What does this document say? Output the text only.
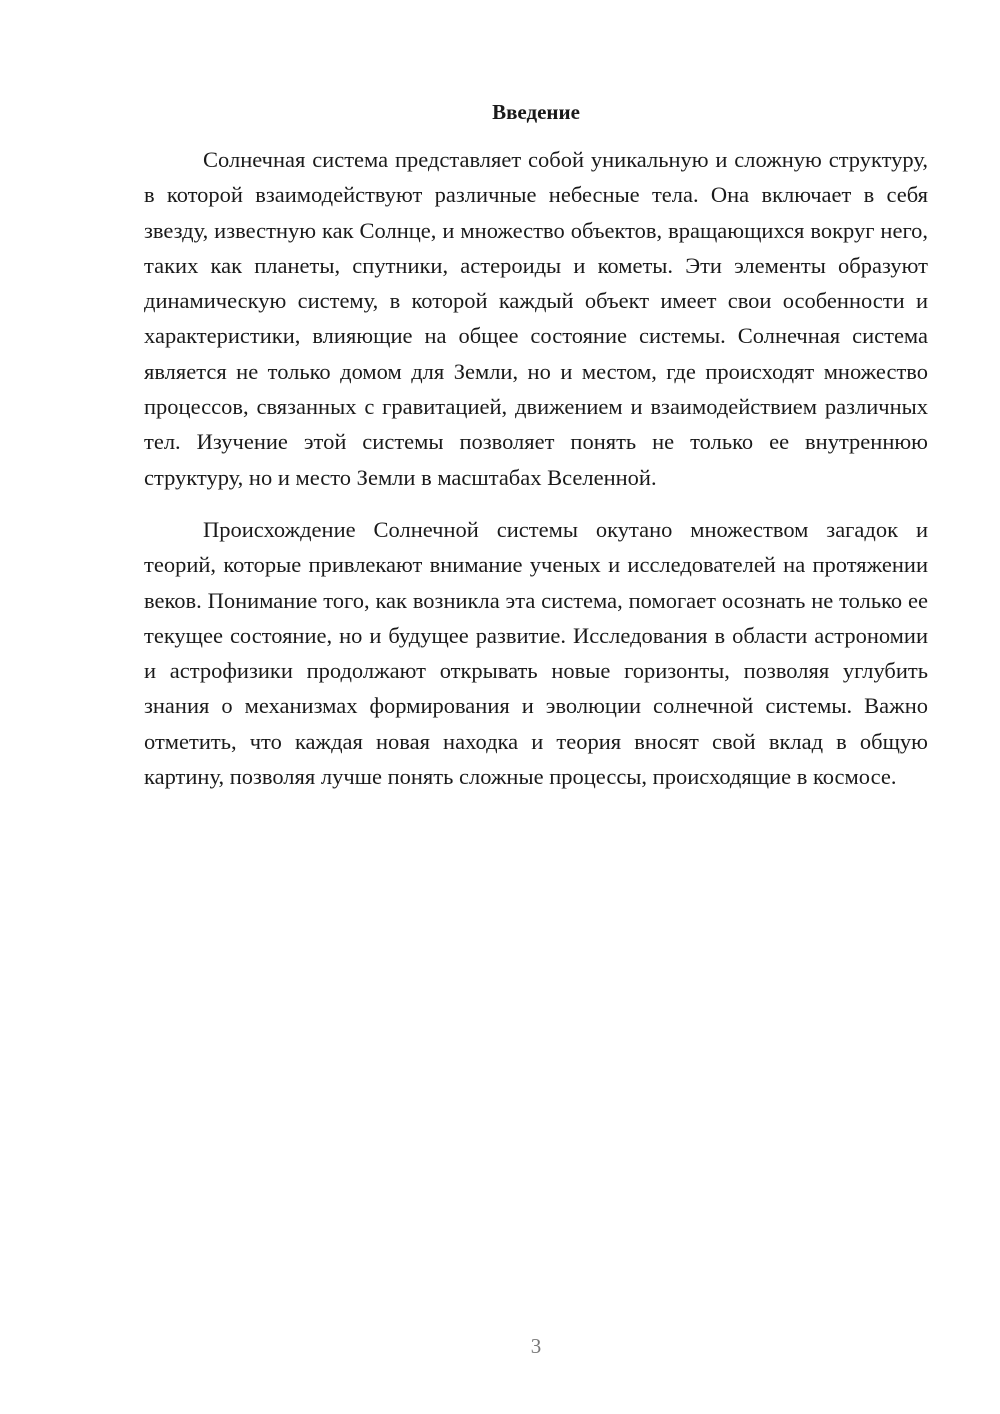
Введение

Солнечная система представляет собой уникальную и сложную структуру, в которой взаимодействуют различные небесные тела. Она включает в себя звезду, известную как Солнце, и множество объектов, вращающихся вокруг него, таких как планеты, спутники, астероиды и кометы. Эти элементы образуют динамическую систему, в которой каждый объект имеет свои особенности и характеристики, влияющие на общее состояние системы. Солнечная система является не только домом для Земли, но и местом, где происходят множество процессов, связанных с гравитацией, движением и взаимодействием различных тел. Изучение этой системы позволяет понять не только ее внутреннюю структуру, но и место Земли в масштабах Вселенной.

Происхождение Солнечной системы окутано множеством загадок и теорий, которые привлекают внимание ученых и исследователей на протяжении веков. Понимание того, как возникла эта система, помогает осознать не только ее текущее состояние, но и будущее развитие. Исследования в области астрономии и астрофизики продолжают открывать новые горизонты, позволяя углубить знания о механизмах формирования и эволюции солнечной системы. Важно отметить, что каждая новая находка и теория вносят свой вклад в общую картину, позволяя лучше понять сложные процессы, происходящие в космосе.

3
